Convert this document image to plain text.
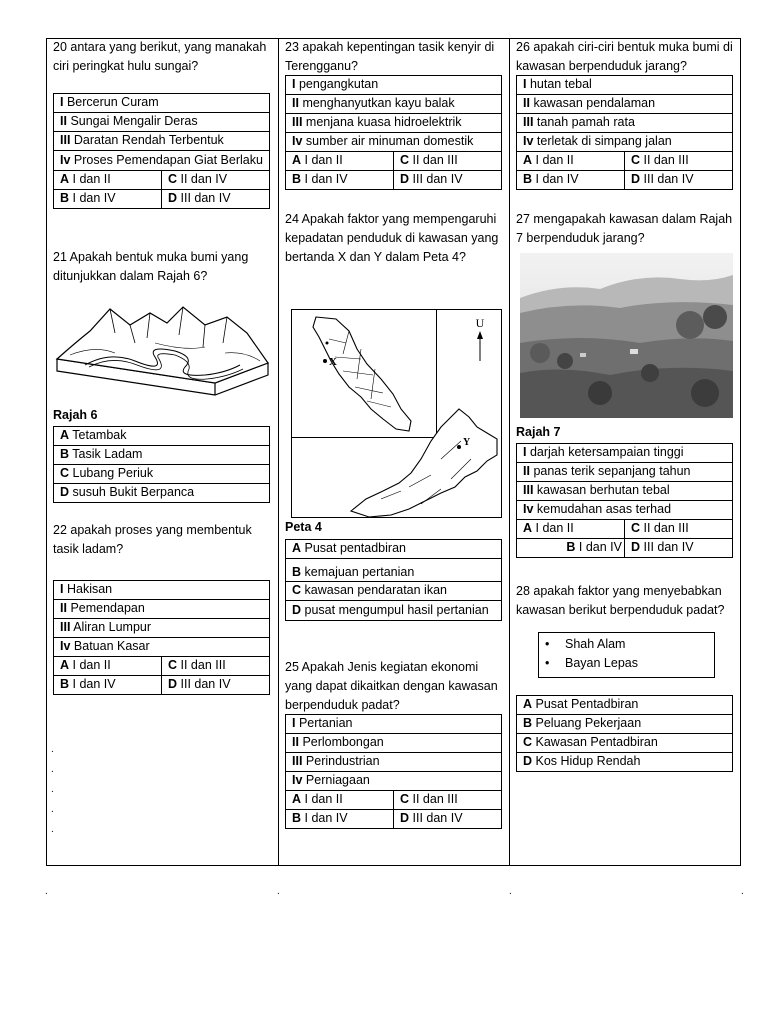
20 antara yang berikut, yang manakah ciri peringkat hulu sungai?
I Bercerun Curam	
II Sungai Mengalir Deras	
III Daratan Rendah Terbentuk	
Iv Proses Pemendapan Giat Berlaku	
A I dan II	C II dan IV
B I dan IV	D III dan IV
21 Apakah bentuk muka bumi yang ditunjukkan dalam Rajah 6?
Rajah 6
A Tetambak
B Tasik Ladam
C Lubang Periuk
D susuh Bukit Berpanca
22 apakah proses yang membentuk tasik ladam?
I Hakisan	
II Pemendapan	
III Aliran Lumpur	
Iv Batuan Kasar	
A I dan II	C II dan III
B I dan IV	D III dan IV
23 apakah kepentingan tasik kenyir di Terengganu?
I pengangkutan	
II menghanyutkan kayu balak	
III menjana kuasa hidroelektrik	
Iv sumber air minuman domestik	
A I dan II	C II dan III
B I dan IV	D III dan IV
24 Apakah faktor yang mempengaruhi kepadatan penduduk di kawasan yang bertanda X dan Y dalam Peta 4?
X
U
Y
Peta 4
A Pusat pentadbiran
B kemajuan pertanian
C kawasan pendaratan ikan
D pusat mengumpul hasil pertanian
25 Apakah Jenis kegiatan ekonomi yang dapat dikaitkan dengan kawasan berpenduduk padat?
I Pertanian	
II Perlombongan	
III Perindustrian	
Iv Perniagaan	
A I dan II	C II dan III
B I dan IV	D III dan IV
26 apakah ciri-ciri bentuk muka bumi di kawasan berpenduduk jarang?
I hutan tebal	
II kawasan pendalaman	
III tanah pamah rata	
Iv terletak di simpang jalan	
A I dan II	C II dan III
B I dan IV	D III dan IV
27 mengapakah kawasan dalam Rajah 7 berpenduduk jarang?
Rajah 7
I darjah ketersampaian tinggi	
II panas terik sepanjang tahun	
III kawasan berhutan tebal	
Iv kemudahan asas terhad	
A I dan II	C II dan III
B I dan IV	D III dan IV
28 apakah faktor yang menyebabkan kawasan berikut berpenduduk padat?
• Shah Alam
• Bayan Lepas
A Pusat Pentadbiran
B Peluang Pekerjaan
C Kawasan Pentadbiran
D Kos Hidup Rendah
.
.
.
.
.
.	.	.	.
